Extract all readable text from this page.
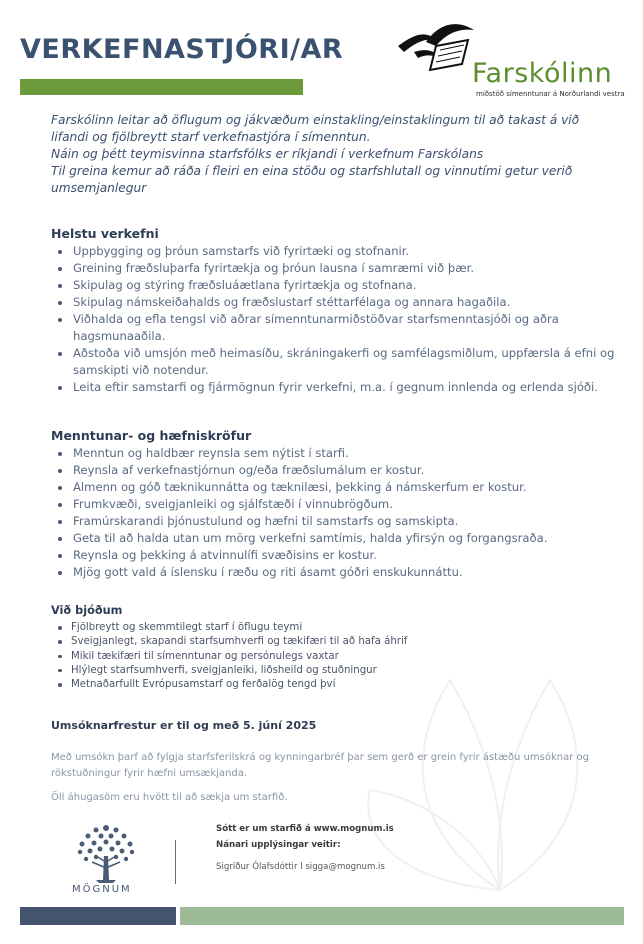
VERKEFNASTJÓRI/AR
Farskólinn
miðstöð símenntunar á Norðurlandi vestra

Farskólinn leitar að öflugum og jákvæðum einstakling/einstaklingum til að takast á við lifandi og fjölbreytt starf verkefnastjóra í símenntun.

Náin og þétt teymisvinna starfsfólks er ríkjandi í verkefnum Farskólans

Til greina kemur að ráða í fleiri en eina stöðu og starfshlutall og vinnutími getur verið umsemjanlegur

Helstu verkefni
Uppbygging og þróun samstarfs við fyrirtæki og stofnanir.
Greining fræðsluþarfa fyrirtækja og þróun lausna í samræmi við þær.
Skipulag og stýring fræðsluáætlana fyrirtækja og stofnana.
Skipulag námskeiðahalds og fræðslustarf stéttarfélaga og annara hagaðila.
Viðhalda og efla tengsl við aðrar símenntunarmiðstöðvar starfsmenntasjóði og aðra hagsmunaaðila.
Aðstoða við umsjón með heimasíðu, skráningakerfi og samfélagsmiðlum, uppfærsla á efni og samskipti við notendur.
Leita eftir samstarfi og fjármögnun fyrir verkefni, m.a. í gegnum innlenda og erlenda sjóði.
Menntunar- og hæfniskröfur
Menntun og haldbær reynsla sem nýtist í starfi.
Reynsla af verkefnastjórnun og/eða fræðslumálum er kostur.
Almenn og góð tæknikunnátta og tæknilæsi, þekking á námskerfum er kostur.
Frumkvæði, sveigjanleiki og sjálfstæði í vinnubrögðum.
Framúrskarandi þjónustulund og hæfni til samstarfs og samskipta.
Geta til að halda utan um mörg verkefni samtímis, halda yfirsýn og forgangsraða.
Reynsla og þekking á atvinnulífi svæðisins er kostur.
Mjög gott vald á íslensku í ræðu og riti ásamt góðri enskukunnáttu.
Við bjóðum
Fjölbreytt og skemmtilegt starf í öflugu teymi
Sveigjanlegt, skapandi starfsumhverfi og tækifæri til að hafa áhrif
Mikil tækifæri til símenntunar og persónulegs vaxtar
Hlýlegt starfsumhverfi, sveigjanleiki, liðsheild og stuðningur
Metnaðarfullt Evrópusamstarf og ferðalög tengd því
Umsóknarfrestur er til og með 5. júní 2025

Með umsókn þarf að fylgja starfsferilskrá og kynningarbréf þar sem gerð er grein fyrir ástæðu umsóknar og rökstuðningur fyrir hæfni umsækjanda.

Öll áhugasöm eru hvött til að sækja um starfið.

MÖGNUM
Sótt er um starfið á www.mognum.is
Nánari upplýsingar veitir:
Sigríður Ólafsdóttir l sigga@mognum.is
